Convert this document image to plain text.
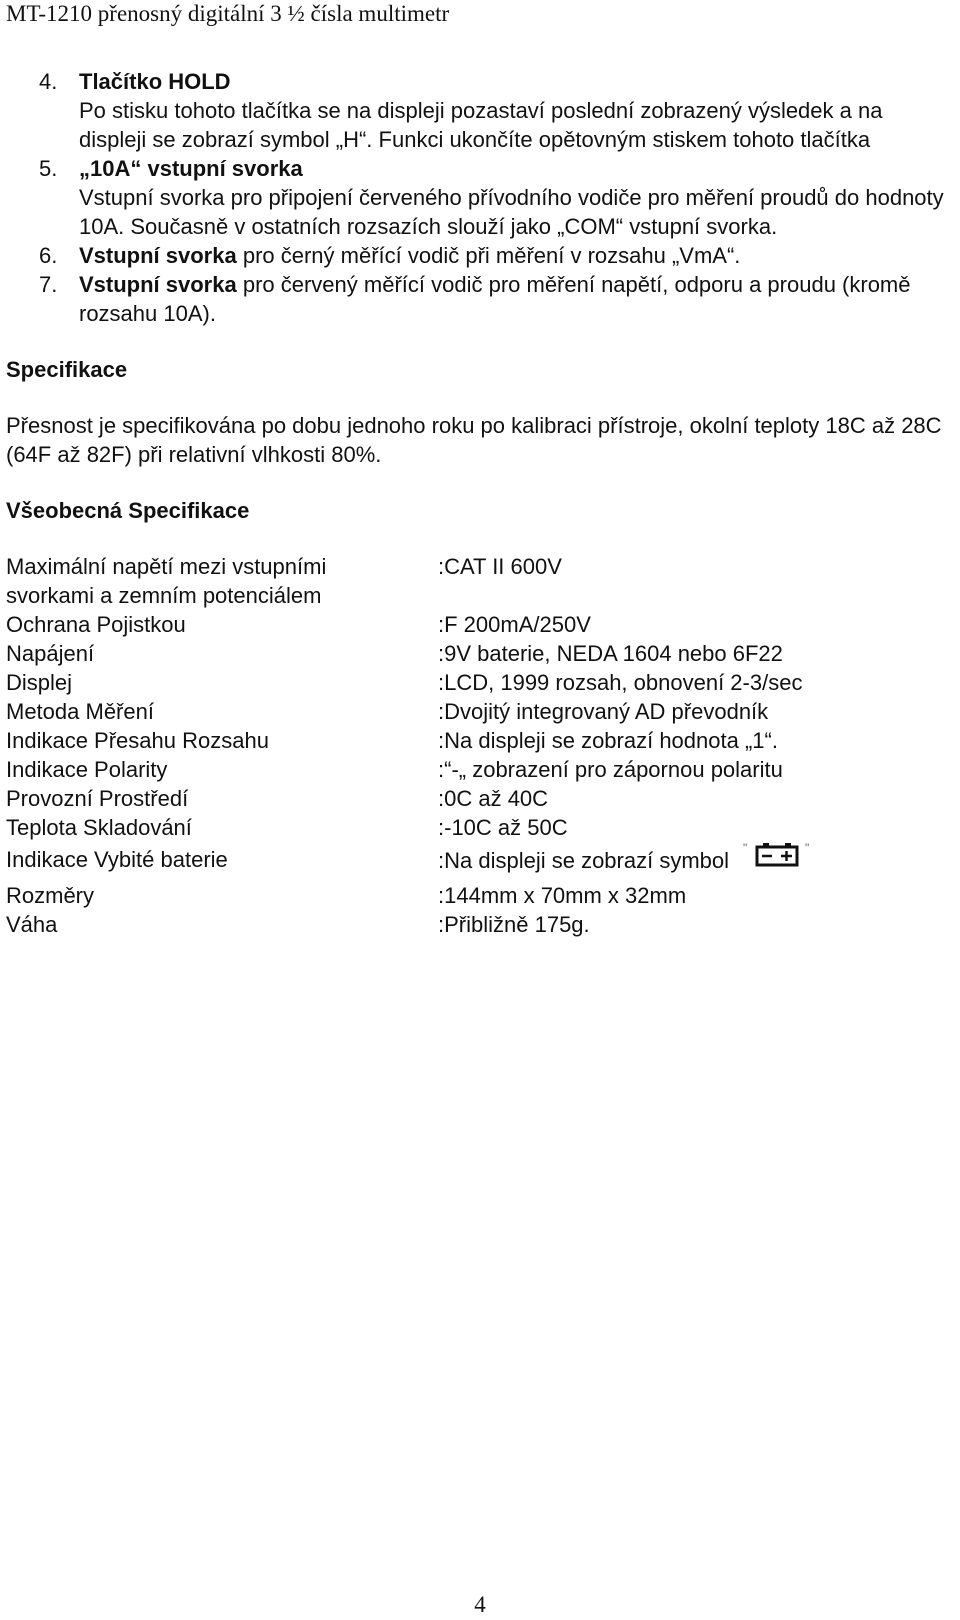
MT-1210 přenosný digitální 3 ½ čísla multimetr
4. Tlačítko HOLD
Po stisku tohoto tlačítka se na displeji pozastaví poslední zobrazený výsledek a na displeji se zobrazí symbol „H“. Funkci ukončíte opětovným stiskem tohoto tlačítka
5. „10A“ vstupní svorka
Vstupní svorka pro připojení červeného přívodního vodiče pro měření proudů do hodnoty 10A. Současně v ostatních rozsazích slouží jako „COM“ vstupní svorka.
6. Vstupní svorka pro černý měřící vodič při měření v rozsahu „VmA“.
7. Vstupní svorka pro červený měřící vodič pro měření napětí, odporu a proudu (kromě rozsahu 10A).
Specifikace

Přesnost je specifikována po dobu jednoho roku po kalibraci přístroje, okolní teploty 18C až 28C (64F až 82F) při relativní vlhkosti 80%.

Všeobecná Specifikace
Maximální napětí mezi vstupními svorkami a zemním potenciálem
:CAT II 600V
Ochrana Pojistkou	:F 200mA/250V
Napájení	:9V baterie, NEDA 1604 nebo 6F22
Displej	:LCD, 1999 rozsah, obnovení 2-3/sec
Metoda Měření	:Dvojitý integrovaný AD převodník
Indikace Přesahu Rozsahu	:Na displeji se zobrazí hodnota „1“.
Indikace Polarity	:“-„ zobrazení pro zápornou polaritu
Provozní Prostředí	:0C až 40C
Teplota Skladování	:-10C až 50C
Indikace Vybité baterie	:Na displeji se zobrazí symbol "	"
Rozměry	:144mm x 70mm x 32mm
Váha	:Přibližně 175g.
4
